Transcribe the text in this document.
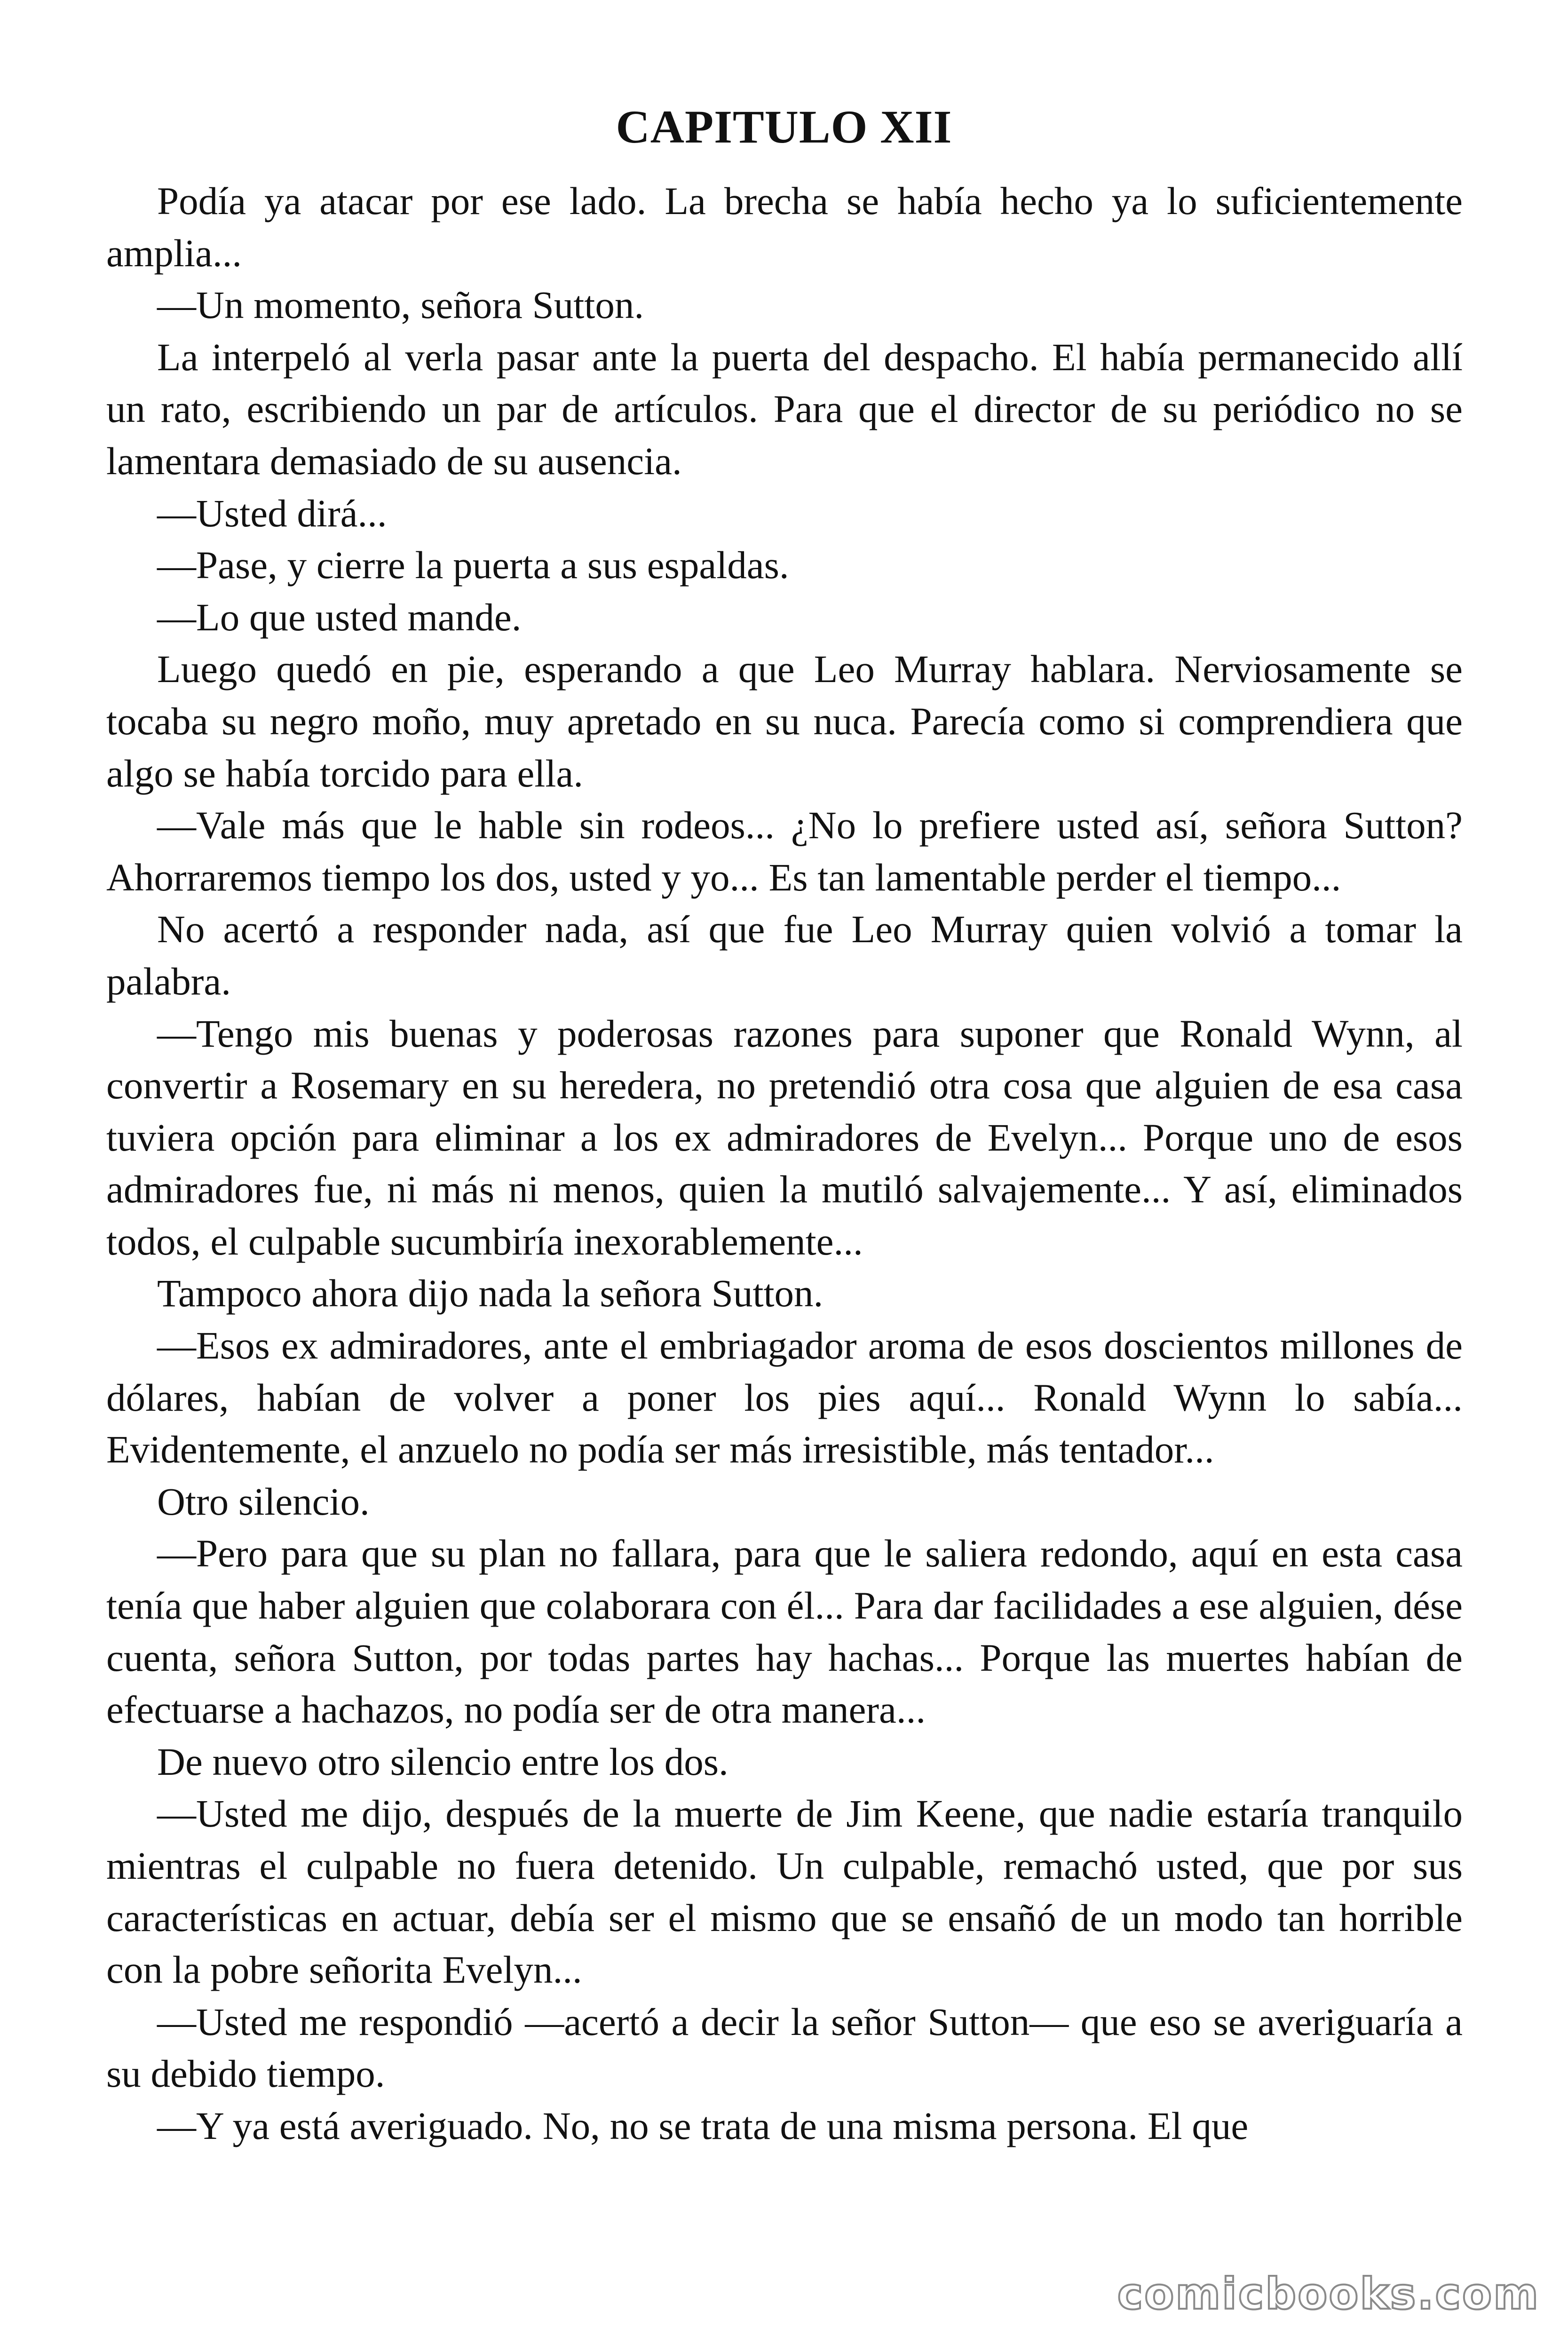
CAPITULO XII

Podía ya atacar por ese lado. La brecha se había hecho ya lo suficientemente amplia...

—Un momento, señora Sutton.

La interpeló al verla pasar ante la puerta del despacho. El había permanecido allí un rato, escribiendo un par de artículos. Para que el director de su periódico no se lamentara demasiado de su ausencia.

—Usted dirá...

—Pase, y cierre la puerta a sus espaldas.

—Lo que usted mande.

Luego quedó en pie, esperando a que Leo Murray hablara. Nerviosamente se tocaba su negro moño, muy apretado en su nuca. Parecía como si comprendiera que algo se había torcido para ella.

—Vale más que le hable sin rodeos... ¿No lo prefiere usted así, señora Sutton? Ahorraremos tiempo los dos, usted y yo... Es tan lamentable perder el tiempo...

No acertó a responder nada, así que fue Leo Murray quien volvió a tomar la palabra.

—Tengo mis buenas y poderosas razones para suponer que Ronald Wynn, al convertir a Rosemary en su heredera, no pretendió otra cosa que alguien de esa casa tuviera opción para eliminar a los ex admiradores de Evelyn... Porque uno de esos admiradores fue, ni más ni menos, quien la mutiló salvajemente... Y así, eliminados todos, el culpable sucumbiría inexorablemente...

Tampoco ahora dijo nada la señora Sutton.

—Esos ex admiradores, ante el embriagador aroma de esos doscientos millones de dólares, habían de volver a poner los pies aquí... Ronald Wynn lo sabía... Evidentemente, el anzuelo no podía ser más irresistible, más tentador...

Otro silencio.

—Pero para que su plan no fallara, para que le saliera redondo, aquí en esta casa tenía que haber alguien que colaborara con él... Para dar facilidades a ese alguien, dése cuenta, señora Sutton, por todas partes hay hachas... Porque las muertes habían de efectuarse a hachazos, no podía ser de otra manera...

De nuevo otro silencio entre los dos.

—Usted me dijo, después de la muerte de Jim Keene, que nadie estaría tranquilo mientras el culpable no fuera detenido. Un culpable, remachó usted, que por sus características en actuar, debía ser el mismo que se ensañó de un modo tan horrible con la pobre señorita Evelyn...

—Usted me respondió —acertó a decir la señor Sutton— que eso se averiguaría a su debido tiempo.

—Y ya está averiguado. No, no se trata de una misma persona. El que

comicbooks.com
